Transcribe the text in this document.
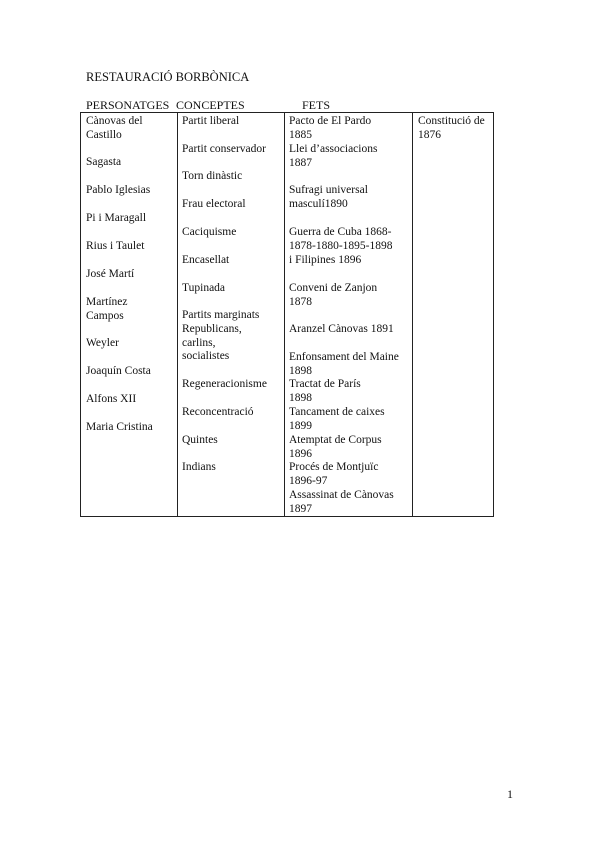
RESTAURACIÓ BORBÒNICA
PERSONATGES CONCEPTES	FETS
Cànovas del
Castillo
Sagasta
Pablo Iglesias
Pi i Maragall
Rius i Taulet
José Martí
Martínez
Campos
Weyler
Joaquín Costa
Alfons XII
Maria Cristina
Partit liberal
Partit conservador
Torn dinàstic
Frau electoral
Caciquisme
Encasellat
Tupinada
Partits marginats
Republicans,
carlins,
socialistes
Regeneracionisme
Reconcentració
Quintes
Indians
Pacto de El Pardo
1885
Llei d’associacions
1887
Sufragi universal
masculí1890
Guerra de Cuba 1868-
1878-1880-1895-1898
i Filipines 1896
Conveni de Zanjon
1878
Aranzel Cànovas 1891
Enfonsament del Maine
1898
Tractat de París
1898
Tancament de caixes
1899
Atemptat de Corpus
1896
Procés de Montjuïc
1896-97
Assassinat de Cànovas
1897
Constitució de
1876
1
